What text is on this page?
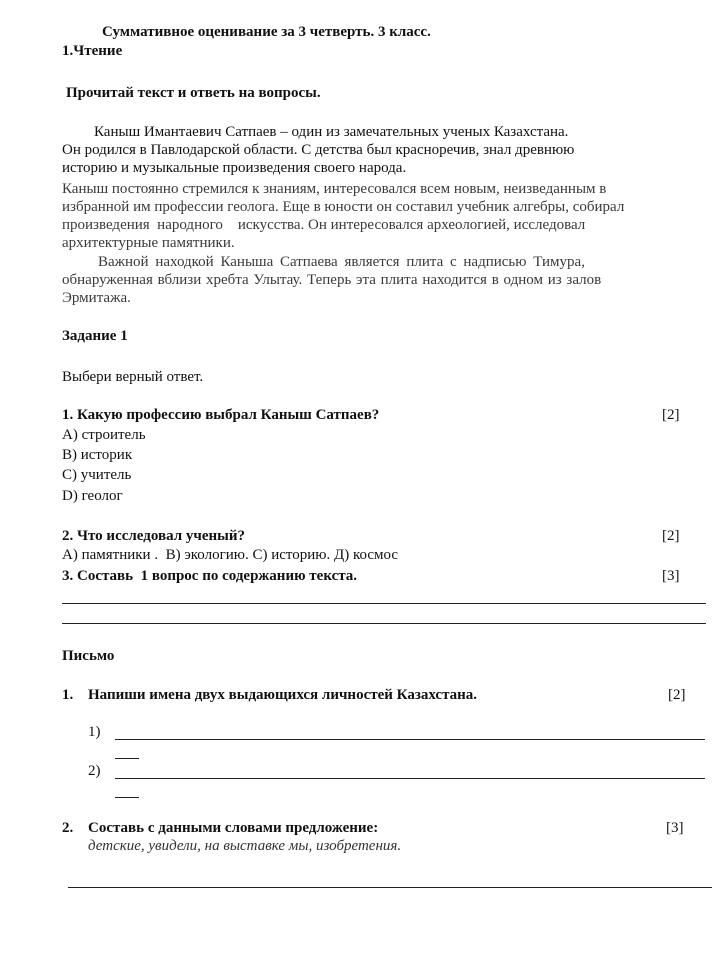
Суммативное оценивание за 3 четверть. 3 класс.
1.Чтение
Прочитай текст и ответь на вопросы.
Каныш Имантаевич Сатпаев – один из замечательных ученых Казахстана.
Он родился в Павлодарской области. С детства был красноречив, знал древнюю
историю и музыкальные произведения своего народа.
Каныш постоянно стремился к знаниям, интересовался всем новым, неизведанным в
избранной им профессии геолога. Еще в юности он составил учебник алгебры, собирал
произведения  народного    искусства. Он интересовался археологией, исследовал
архитектурные памятники.
Важной находкой Каныша Сатпаева является плита с надписью Тимура,
обнаруженная вблизи хребта Улытау. Теперь эта плита находится в одном из залов
Эрмитажа.
Задание 1
Выбери верный ответ.
1. Какую профессию выбрал Каныш Сатпаев?	[2]
А) строитель
В) историк
С) учитель
D) геолог
2. Что исследовал ученый?	[2]
А) памятники .  В) экологию. С) историю. Д) космос
3. Составь  1 вопрос по содержанию текста.	[3]
Письмо
1. Напиши имена двух выдающихся личностей Казахстана.	[2]
1)
2)
2. Составь с данными словами предложение:	[3]
детские, увидели, на выставке мы, изобретения.
